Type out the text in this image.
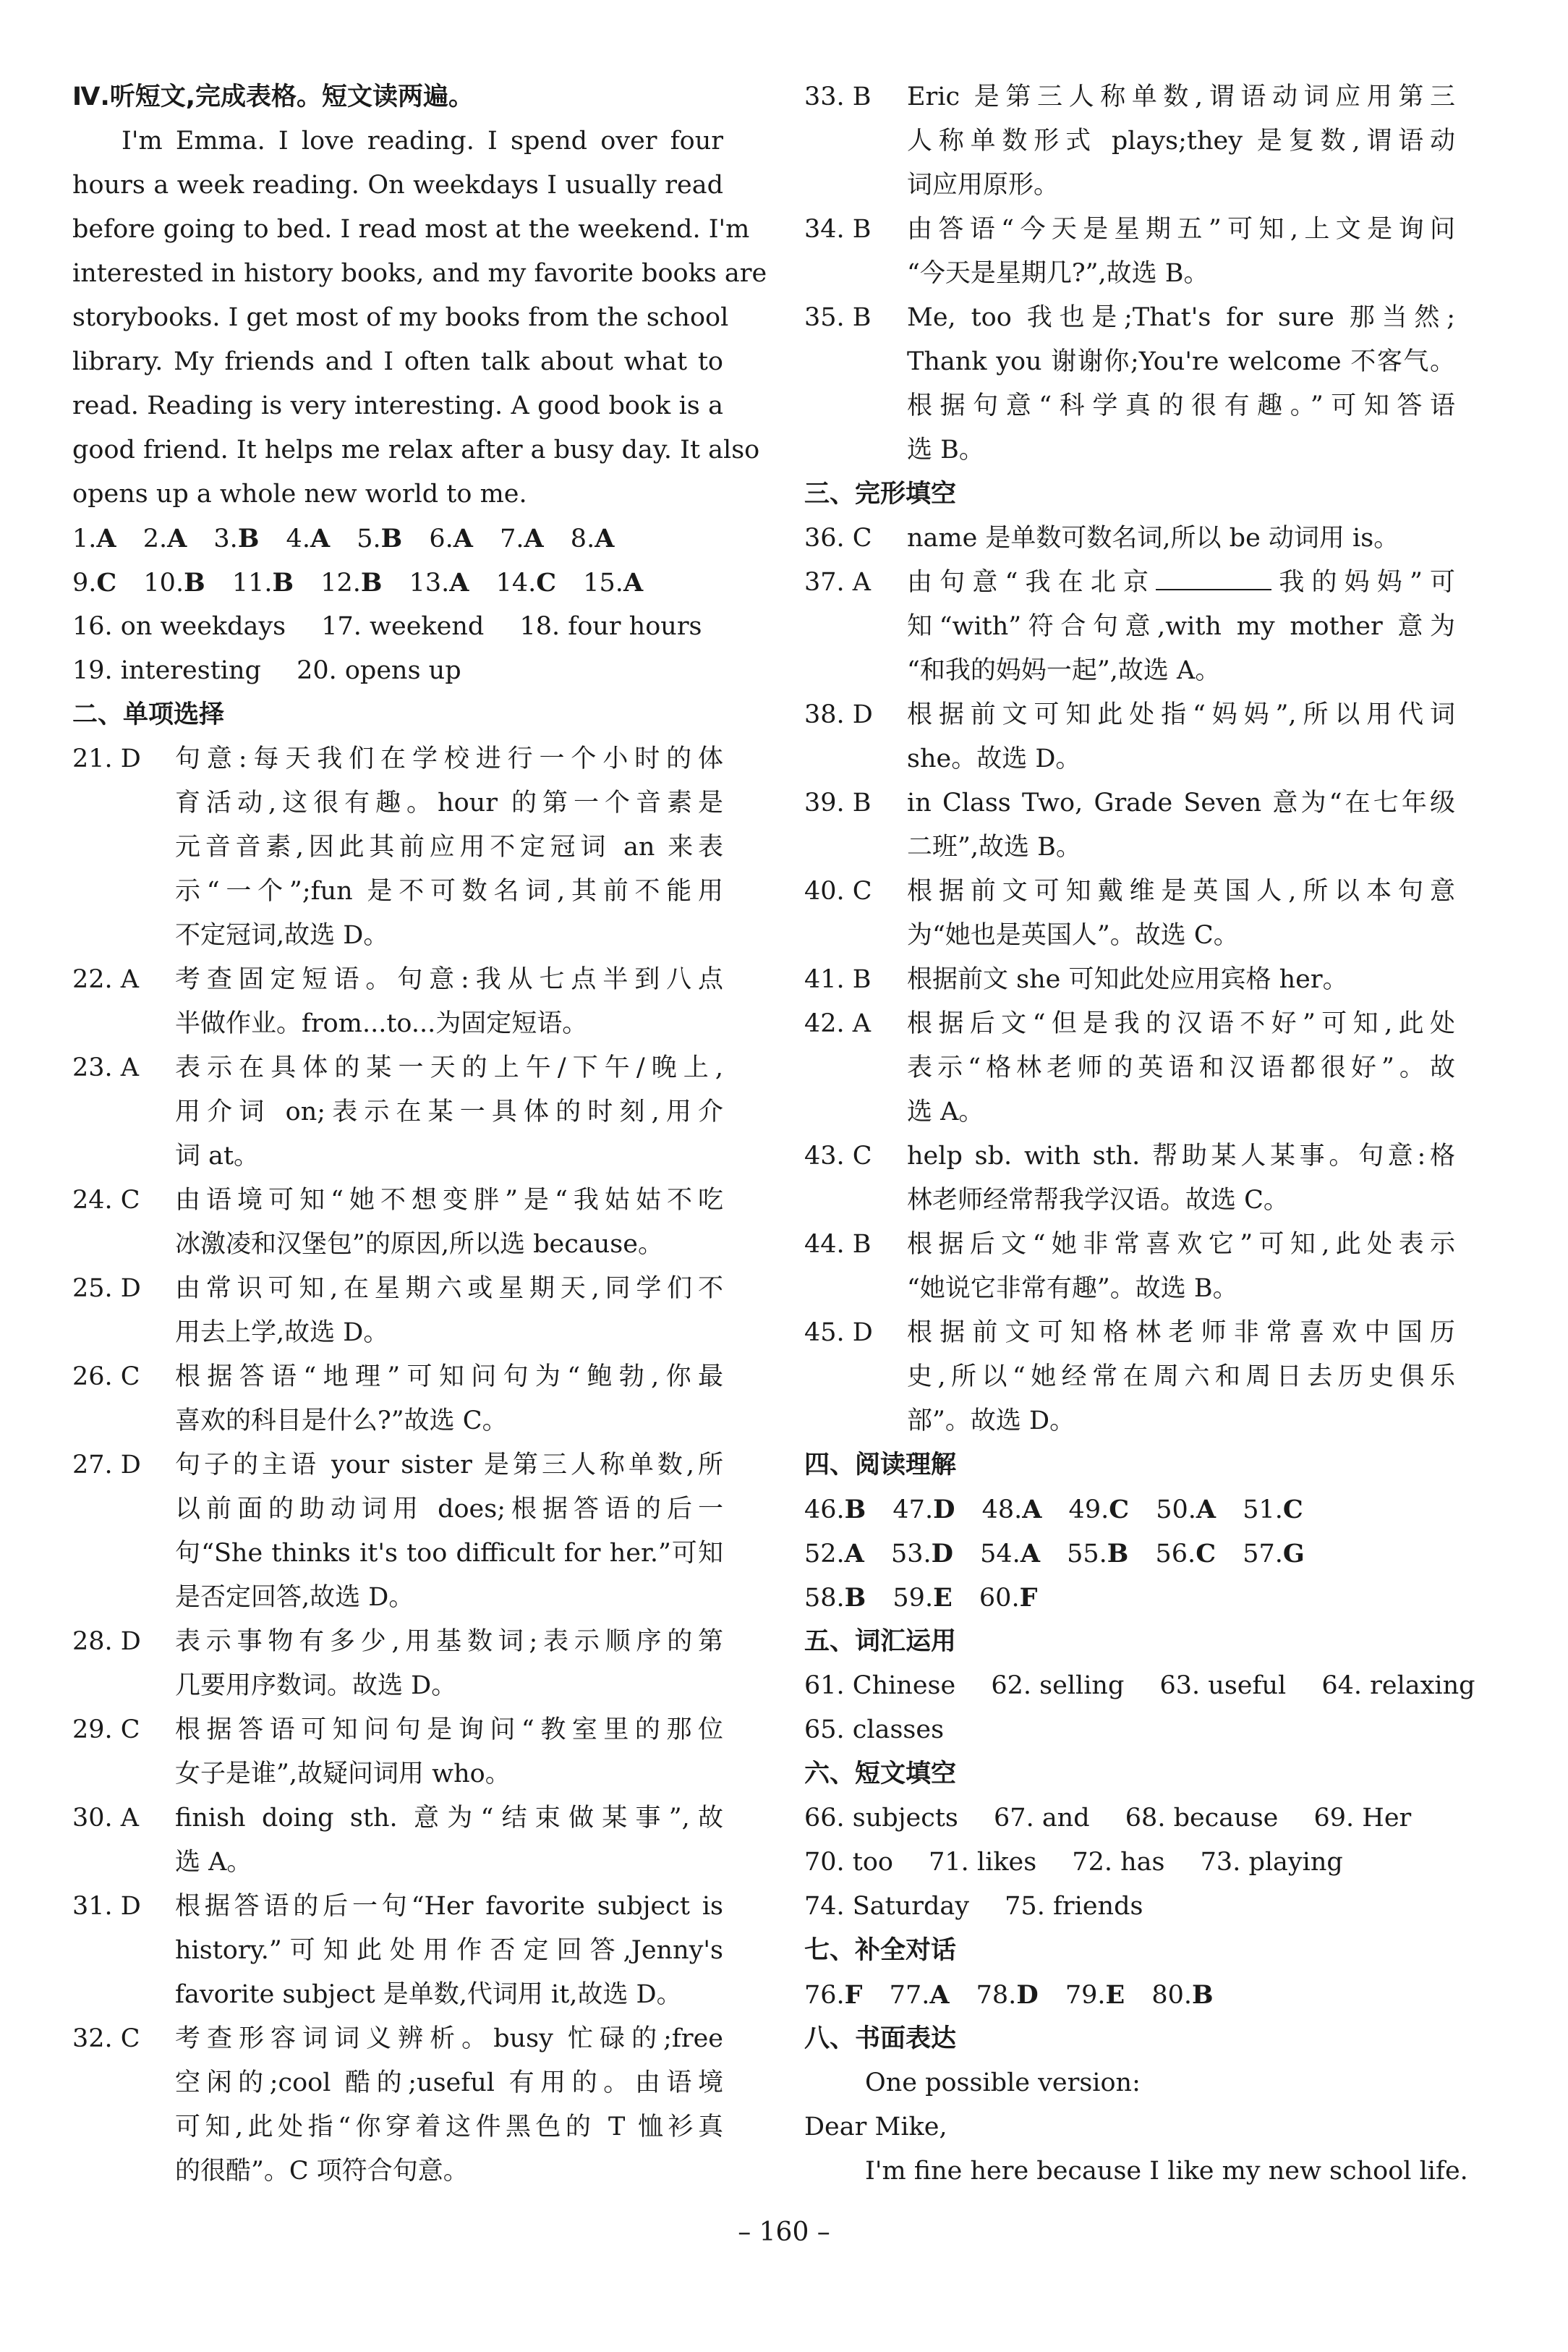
Ⅳ.听短文,完成表格。短文读两遍。
I'm Emma. I love reading. I spend over four
hours a week reading. On weekdays I usually read
before going to bed. I read most at the weekend. I'm
interested in history books, and my favorite books are
storybooks. I get most of my books from the school
library. My friends and I often talk about what to
read. Reading is very interesting. A good book is a
good friend. It helps me relax after a busy day. It also
opens up a whole new world to me.
1.A 2.A 3.B 4.A 5.B 6.A 7.A 8.A
9.C 10.B 11.B 12.B 13.A 14.C 15.A
16. on weekdays 17. weekend 18. four hours
19. interesting 20. opens up
二、单项选择
21. D	句意:每天我们在学校进行一个小时的体
育活动,这很有趣。hour 的第一个音素是
元音音素,因此其前应用不定冠词 an 来表
示“一个”;fun 是不可数名词,其前不能用
不定冠词,故选 D。
22. A	考查固定短语。句意:我从七点半到八点
半做作业。from...to...为固定短语。
23. A	表示在具体的某一天的上午/下午/晚上,
用介词 on;表示在某一具体的时刻,用介
词 at。
24. C	由语境可知“她不想变胖”是“我姑姑不吃
冰激凌和汉堡包”的原因,所以选 because。
25. D	由常识可知,在星期六或星期天,同学们不
用去上学,故选 D。
26. C	根据答语“地理”可知问句为“鲍勃,你最
喜欢的科目是什么?”故选 C。
27. D	句子的主语 your sister 是第三人称单数,所
以前面的助动词用 does;根据答语的后一
句“She thinks it's too difficult for her.”可知
是否定回答,故选 D。
28. D	表示事物有多少,用基数词;表示顺序的第
几要用序数词。故选 D。
29. C	根据答语可知问句是询问“教室里的那位
女子是谁”,故疑问词用 who。
30. A	finish doing sth. 意为“结束做某事”,故
选 A。
31. D	根据答语的后一句“Her favorite subject is
history.”可知此处用作否定回答,Jenny's
favorite subject 是单数,代词用 it,故选 D。
32. C	考查形容词词义辨析。busy 忙碌的;free
空闲的;cool 酷的;useful 有用的。由语境
可知,此处指“你穿着这件黑色的 T 恤衫真
的很酷”。C 项符合句意。
33. B	Eric 是第三人称单数,谓语动词应用第三
人称单数形式 plays;they 是复数,谓语动
词应用原形。
34. B	由答语“今天是星期五”可知,上文是询问
“今天是星期几?”,故选 B。
35. B	Me, too 我也是;That's for sure 那当然;
Thank you 谢谢你;You're welcome 不客气。
根据句意“科学真的很有趣。”可知答语
选 B。
三、完形填空
36. C	name 是单数可数名词,所以 be 动词用 is。
37. A	由句意“我在北京	我的妈妈”可
知“with”符合句意,with my mother 意为
“和我的妈妈一起”,故选 A。
38. D	根据前文可知此处指“妈妈”,所以用代词
she。故选 D。
39. B	in Class Two, Grade Seven 意为“在七年级
二班”,故选 B。
40. C	根据前文可知戴维是英国人,所以本句意
为“她也是英国人”。故选 C。
41. B	根据前文 she 可知此处应用宾格 her。
42. A	根据后文“但是我的汉语不好”可知,此处
表示“格林老师的英语和汉语都很好”。故
选 A。
43. C	help sb. with sth. 帮助某人某事。句意:格
林老师经常帮我学汉语。故选 C。
44. B	根据后文“她非常喜欢它”可知,此处表示
“她说它非常有趣”。故选 B。
45. D	根据前文可知格林老师非常喜欢中国历
史,所以“她经常在周六和周日去历史俱乐
部”。故选 D。
四、阅读理解
46.B 47.D 48.A 49.C 50.A 51.C
52.A 53.D 54.A 55.B 56.C 57.G
58.B 59.E 60.F
五、词汇运用
61. Chinese 62. selling 63. useful 64. relaxing
65. classes
六、短文填空
66. subjects 67. and 68. because 69. Her
70. too 71. likes 72. has 73. playing
74. Saturday 75. friends
七、补全对话
76.F 77.A 78.D 79.E 80.B
八、书面表达
One possible version:
Dear Mike,
I'm fine here because I like my new school life.
– 160 –
